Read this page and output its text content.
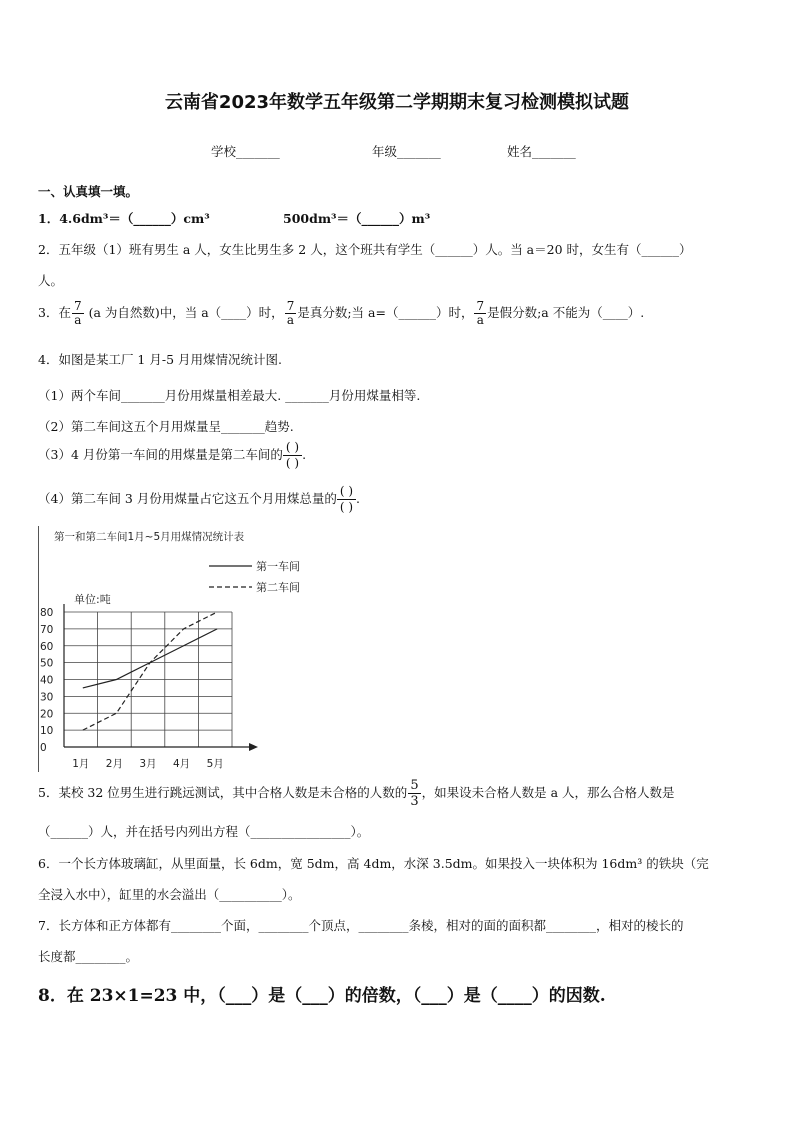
云南省2023年数学五年级第二学期期末复习检测模拟试题
学校_______	年级_______	姓名_______
一、认真填一填。
1．4.6dm³＝（______）cm³	500dm³＝（______）m³
2．五年级（1）班有男生 a 人，女生比男生多 2 人，这个班共有学生（______）人。当 a＝20 时，女生有（______）
人。
3．在 $\frac{7}{a} (a$ 为自然数)中，当 a（____）时， $\frac{7}{a}$ 是真分数;当 a=（______）时， $\frac{7}{a}$ 是假分数;a 不能为（____）.
4．如图是某工厂 1 月-5 月用煤情况统计图.
（1）两个车间_______月份用煤量相差最大. _______月份用煤量相等.
（2）第二车间这五个月用煤量呈_______趋势.
（3）4 月份第一车间的用煤量是第二车间的 $\frac{( )}{( )}$ .
（4）第二车间 3 月份用煤量占它这五个月用煤总量的 $\frac{( )}{( )}$ .
第一和第二车间1月~5月用煤情况统计表
第一车间
第二车间
单位:吨
0
10
20
30
40
50
60
70
80
1月 2月 3月 4月 5月
5．某校 32 位男生进行跳远测试，其中合格人数是未合格的人数的 $\frac{5}{3}$ ，如果设未合格人数是 a 人，那么合格人数是
（______）人，并在括号内列出方程（________________）。
6．一个长方体玻璃缸，从里面量，长 6dm，宽 5dm，高 4dm，水深 3.5dm。如果投入一块体积为 16dm³ 的铁块（完
全浸入水中），缸里的水会溢出（__________）。
7．长方体和正方体都有________个面，________个顶点，________条棱，相对的面的面积都________，相对的棱长的
长度都________。
8．在 23×1=23 中，（___）是（___）的倍数，（___）是（____）的因数.
